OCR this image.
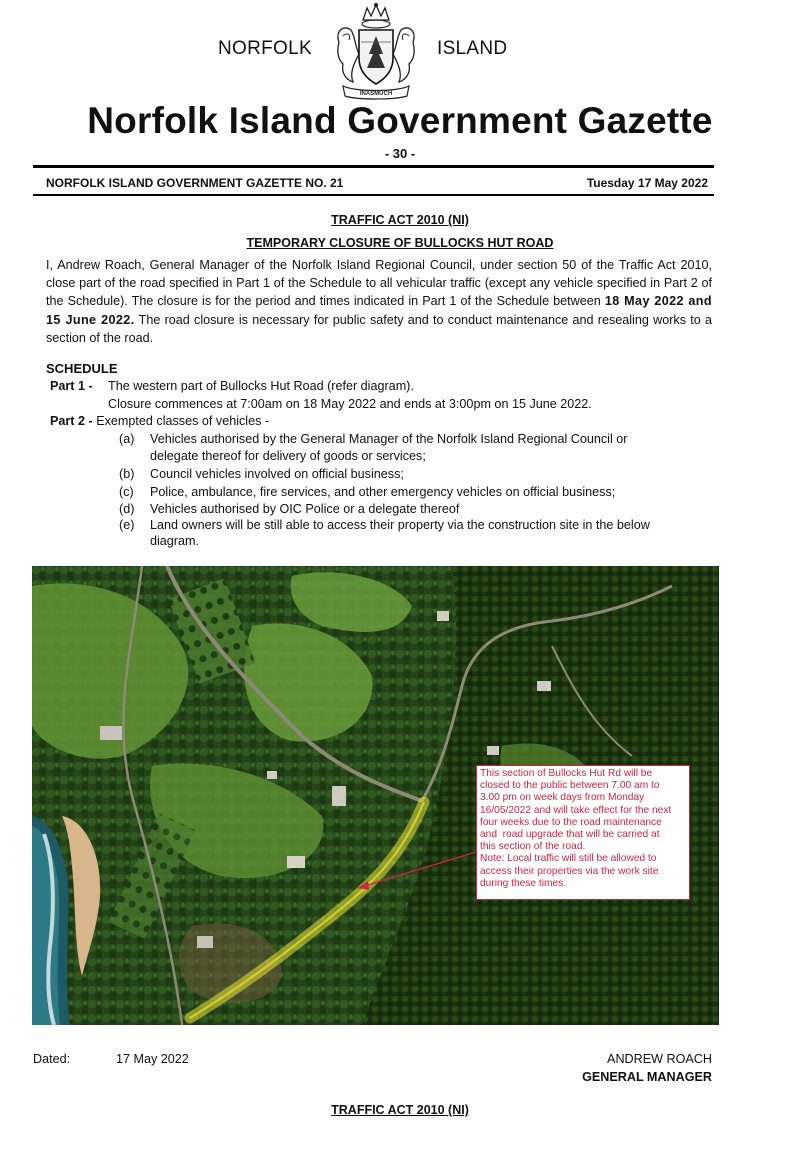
NORFOLK	ISLAND
INASMUCH
Norfolk Island Government Gazette
- 30 -
NORFOLK ISLAND GOVERNMENT GAZETTE NO. 21	Tuesday 17 May 2022
TRAFFIC ACT 2010 (NI)
TEMPORARY CLOSURE OF BULLOCKS HUT ROAD
I, Andrew Roach, General Manager of the Norfolk Island Regional Council, under section 50 of the Traffic Act 2010, close part of the road specified in Part 1 of the Schedule to all vehicular traffic (except any vehicle specified in Part 2 of the Schedule). The closure is for the period and times indicated in Part 1 of the Schedule between 18 May 2022 and 15 June 2022. The road closure is necessary for public safety and to conduct maintenance and resealing works to a section of the road.
SCHEDULE
Part 1 - The western part of Bullocks Hut Road (refer diagram).
Closure commences at 7:00am on 18 May 2022 and ends at 3:00pm on 15 June 2022.
Part 2 - Exempted classes of vehicles -
(a) Vehicles authorised by the General Manager of the Norfolk Island Regional Council or
delegate thereof for delivery of goods or services;
(b) Council vehicles involved on official business;
(c) Police, ambulance, fire services, and other emergency vehicles on official business;
(d) Vehicles authorised by OIC Police or a delegate thereof
(e) Land owners will be still able to access their property via the construction site in the below
diagram.
This section of Bullocks Hut Rd will be
closed to the public between 7.00 am to
3.00 pm on week days from Monday
16/05/2022 and will take effect for the next
four weeks due to the road maintenance
and  road upgrade that will be carried at
this section of the road.
Note: Local traffic will still be allowed to
access their properties via the work site
during these times.
Dated:	17 May 2022	ANDREW ROACH
GENERAL MANAGER
TRAFFIC ACT 2010 (NI)
